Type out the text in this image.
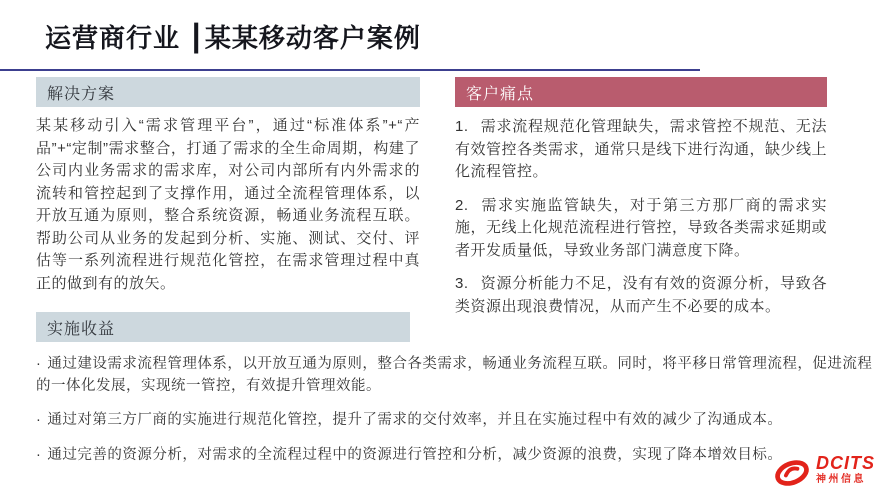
运营商行业 ┃某某移动客户案例
解决方案
某某移动引入“需求管理平台”，通过“标准体系”+“产品”+“定制”需求整合，打通了需求的全生命周期，构建了公司内业务需求的需求库，对公司内部所有内外需求的流转和管控起到了支撑作用，通过全流程管理体系，以开放互通为原则，整合系统资源，畅通业务流程互联。帮助公司从业务的发起到分析、实施、测试、交付、评估等一系列流程进行规范化管控，在需求管理过程中真正的做到有的放矢。
客户痛点

1. 需求流程规范化管理缺失，需求管控不规范、无法有效管控各类需求，通常只是线下进行沟通，缺少线上化流程管控。

2. 需求实施监管缺失，对于第三方那厂商的需求实施，无线上化规范流程进行管控，导致各类需求延期或者开发质量低，导致业务部门满意度下降。

3. 资源分析能力不足，没有有效的资源分析，导致各类资源出现浪费情况，从而产生不必要的成本。

实施收益

· 通过建设需求流程管理体系，以开放互通为原则，整合各类需求，畅通业务流程互联。同时，将平移日常管理流程，促进流程的一体化发展，实现统一管控，有效提升管理效能。

· 通过对第三方厂商的实施进行规范化管控，提升了需求的交付效率，并且在实施过程中有效的减少了沟通成本。

· 通过完善的资源分析，对需求的全流程过程中的资源进行管控和分析，减少资源的浪费，实现了降本增效目标。	DCITS
神州信息
